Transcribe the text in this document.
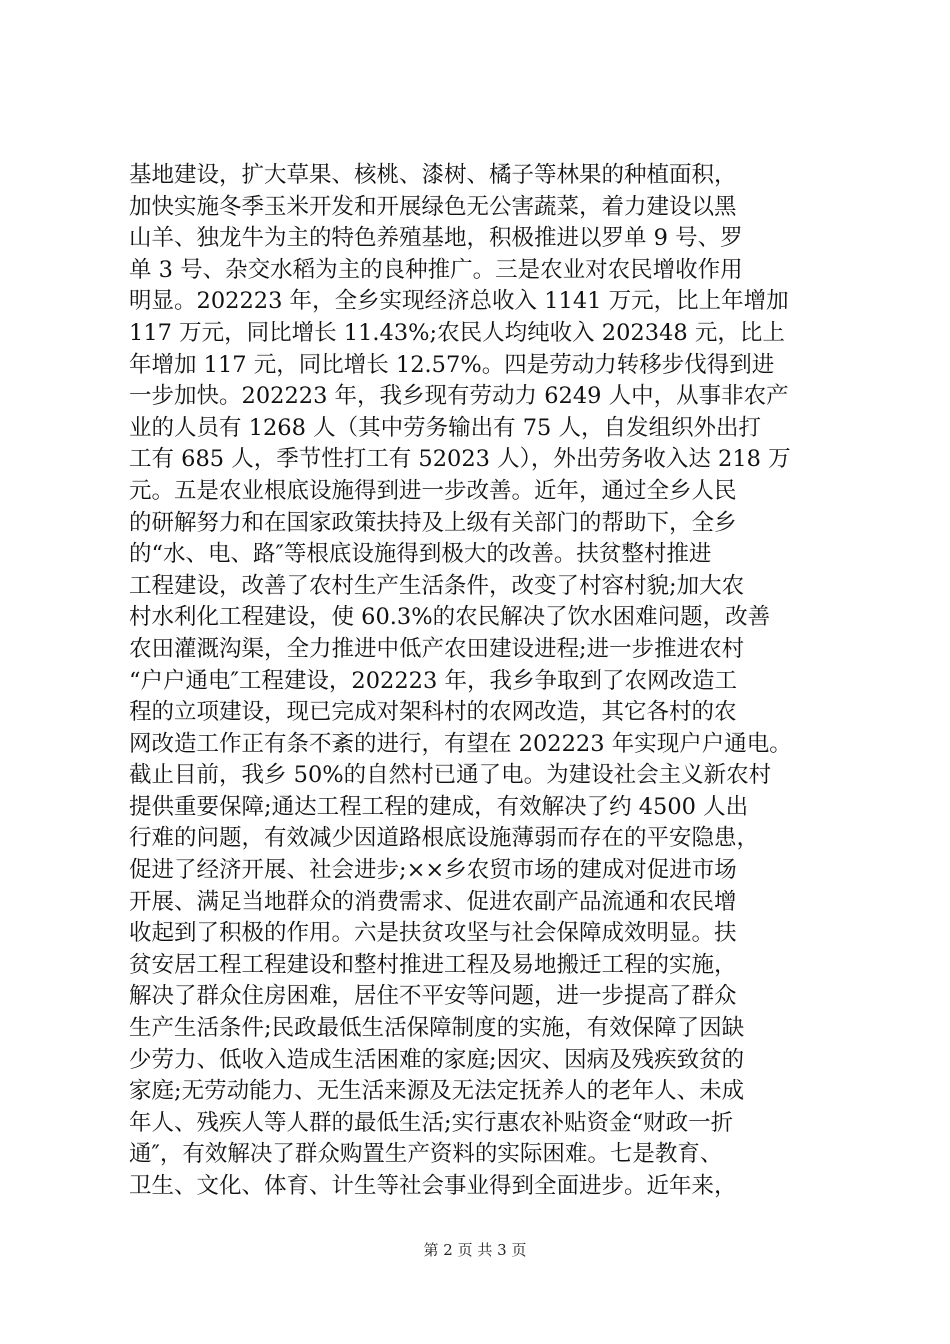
基地建设，扩大草果、核桃、漆树、橘子等林果的种植面积，
加快实施冬季玉米开发和开展绿色无公害蔬菜，着力建设以黑
山羊、独龙牛为主的特色养殖基地，积极推进以罗单 9 号、罗
单 3 号、杂交水稻为主的良种推广。三是农业对农民增收作用
明显。202223 年，全乡实现经济总收入 1141 万元，比上年增加
117 万元，同比增长 11.43%;农民人均纯收入 202348 元，比上
年增加 117 元，同比增长 12.57%。四是劳动力转移步伐得到进
一步加快。202223 年，我乡现有劳动力 6249 人中，从事非农产
业的人员有 1268 人（其中劳务输出有 75 人，自发组织外出打
工有 685 人，季节性打工有 52023 人），外出劳务收入达 218 万
元。五是农业根底设施得到进一步改善。近年，通过全乡人民
的研解努力和在国家政策扶持及上级有关部门的帮助下，全乡
的“水、电、路″等根底设施得到极大的改善。扶贫整村推进
工程建设，改善了农村生产生活条件，改变了村容村貌;加大农
村水利化工程建设，使 60.3%的农民解决了饮水困难问题，改善
农田灌溉沟渠，全力推进中低产农田建设进程;进一步推进农村
“户户通电″工程建设，202223 年，我乡争取到了农网改造工
程的立项建设，现已完成对架科村的农网改造，其它各村的农
网改造工作正有条不紊的进行，有望在 202223 年实现户户通电。
截止目前，我乡 50%的自然村已通了电。为建设社会主义新农村
提供重要保障;通达工程工程的建成，有效解决了约 4500 人出
行难的问题，有效减少因道路根底设施薄弱而存在的平安隐患，
促进了经济开展、社会进步;××乡农贸市场的建成对促进市场
开展、满足当地群众的消费需求、促进农副产品流通和农民增
收起到了积极的作用。六是扶贫攻坚与社会保障成效明显。扶
贫安居工程工程建设和整村推进工程及易地搬迁工程的实施，
解决了群众住房困难，居住不平安等问题，进一步提高了群众
生产生活条件;民政最低生活保障制度的实施，有效保障了因缺
少劳力、低收入造成生活困难的家庭;因灾、因病及残疾致贫的
家庭;无劳动能力、无生活来源及无法定抚养人的老年人、未成
年人、残疾人等人群的最低生活;实行惠农补贴资金“财政一折
通″，有效解决了群众购置生产资料的实际困难。七是教育、
卫生、文化、体育、计生等社会事业得到全面进步。近年来，
第 2 页 共 3 页
